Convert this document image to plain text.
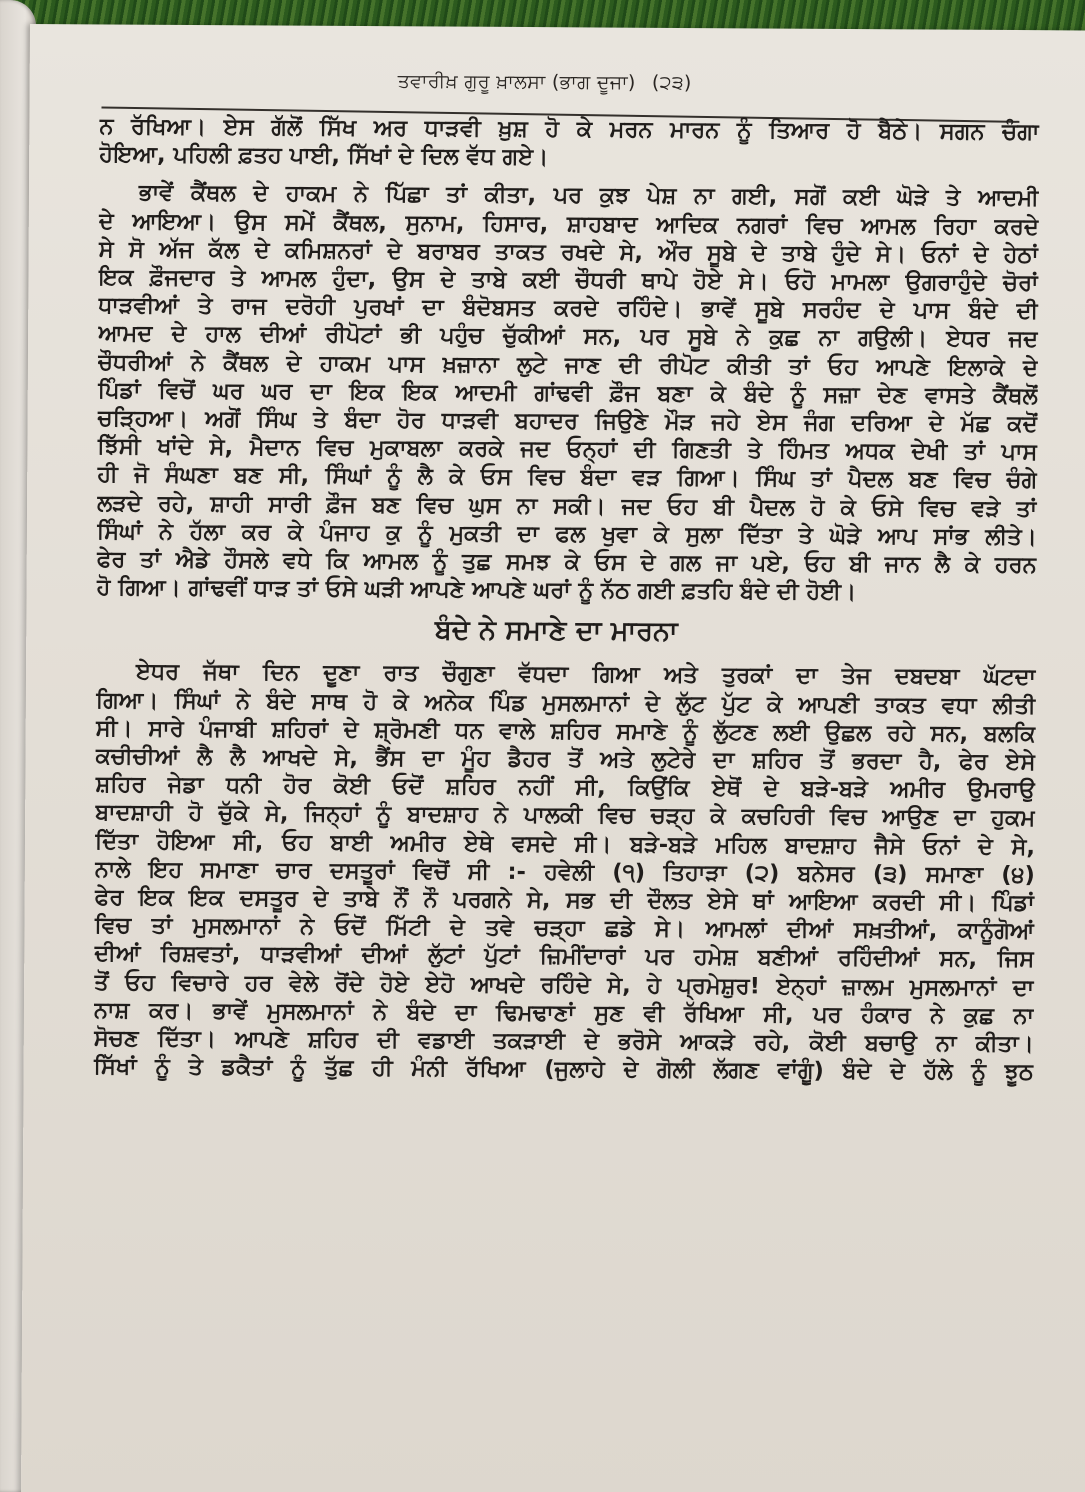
ਤਵਾਰੀਖ਼ ਗੁਰੂ ਖ਼ਾਲਸਾ (ਭਾਗ ਦੂਜਾ) (੨੩)
ਨ ਰੱਖਿਆ। ਏਸ ਗੱਲੋਂ ਸਿੱਖ ਅਰ ਧਾੜਵੀ ਖ਼ੁਸ਼ ਹੋ ਕੇ ਮਰਨ ਮਾਰਨ ਨੂੰ ਤਿਆਰ ਹੋ ਬੈਠੇ। ਸਗਨ ਚੰਗਾ
ਹੋਇਆ, ਪਹਿਲੀ ਫ਼ਤਹ ਪਾਈ, ਸਿੱਖਾਂ ਦੇ ਦਿਲ ਵੱਧ ਗਏ।
ਭਾਵੇਂ ਕੈਂਥਲ ਦੇ ਹਾਕਮ ਨੇ ਪਿੱਛਾ ਤਾਂ ਕੀਤਾ, ਪਰ ਕੁਝ ਪੇਸ਼ ਨਾ ਗਈ, ਸਗੋਂ ਕਈ ਘੋੜੇ ਤੇ ਆਦਮੀ
ਦੇ ਆਇਆ। ਉਸ ਸਮੇਂ ਕੈਂਥਲ, ਸੁਨਾਮ, ਹਿਸਾਰ, ਸ਼ਾਹਬਾਦ ਆਦਿਕ ਨਗਰਾਂ ਵਿਚ ਆਮਲ ਰਿਹਾ ਕਰਦੇ
ਸੇ ਸੋ ਅੱਜ ਕੱਲ ਦੇ ਕਮਿਸ਼ਨਰਾਂ ਦੇ ਬਰਾਬਰ ਤਾਕਤ ਰਖਦੇ ਸੇ, ਔਰ ਸੂਬੇ ਦੇ ਤਾਬੇ ਹੁੰਦੇ ਸੇ। ਓਨਾਂ ਦੇ ਹੇਠਾਂ
ਇਕ ਫ਼ੌਜਦਾਰ ਤੇ ਆਮਲ ਹੁੰਦਾ, ਉਸ ਦੇ ਤਾਬੇ ਕਈ ਚੌਧਰੀ ਥਾਪੇ ਹੋਏ ਸੇ। ਓਹੋ ਮਾਮਲਾ ਉਗਰਾਹੁੰਦੇ ਚੋਰਾਂ
ਧਾੜਵੀਆਂ ਤੇ ਰਾਜ ਦਰੋਹੀ ਪੁਰਖਾਂ ਦਾ ਬੰਦੋਬਸਤ ਕਰਦੇ ਰਹਿੰਦੇ। ਭਾਵੇਂ ਸੂਬੇ ਸਰਹੰਦ ਦੇ ਪਾਸ ਬੰਦੇ ਦੀ
ਆਮਦ ਦੇ ਹਾਲ ਦੀਆਂ ਰੀਪੋਟਾਂ ਭੀ ਪਹੁੰਚ ਚੁੱਕੀਆਂ ਸਨ, ਪਰ ਸੂਬੇ ਨੇ ਕੁਛ ਨਾ ਗਉਲੀ। ਏਧਰ ਜਦ
ਚੌਧਰੀਆਂ ਨੇ ਕੈਂਥਲ ਦੇ ਹਾਕਮ ਪਾਸ ਖ਼ਜ਼ਾਨਾ ਲੁਟੇ ਜਾਣ ਦੀ ਰੀਪੋਟ ਕੀਤੀ ਤਾਂ ਓਹ ਆਪਣੇ ਇਲਾਕੇ ਦੇ
ਪਿੰਡਾਂ ਵਿਚੋਂ ਘਰ ਘਰ ਦਾ ਇਕ ਇਕ ਆਦਮੀ ਗਾਂਢਵੀ ਫ਼ੌਜ ਬਣਾ ਕੇ ਬੰਦੇ ਨੂੰ ਸਜ਼ਾ ਦੇਣ ਵਾਸਤੇ ਕੈਂਥਲੋਂ
ਚੜ੍ਹਿਆ। ਅਗੋਂ ਸਿੰਘ ਤੇ ਬੰਦਾ ਹੋਰ ਧਾੜਵੀ ਬਹਾਦਰ ਜਿਉਣੇ ਮੌੜ ਜਹੇ ਏਸ ਜੰਗ ਦਰਿਆ ਦੇ ਮੱਛ ਕਦੋਂ
ਝਿੱਸੀ ਖਾਂਦੇ ਸੇ, ਮੈਦਾਨ ਵਿਚ ਮੁਕਾਬਲਾ ਕਰਕੇ ਜਦ ਓਨ੍ਹਾਂ ਦੀ ਗਿਣਤੀ ਤੇ ਹਿੰਮਤ ਅਧਕ ਦੇਖੀ ਤਾਂ ਪਾਸ
ਹੀ ਜੋ ਸੰਘਣਾ ਬਣ ਸੀ, ਸਿੰਘਾਂ ਨੂੰ ਲੈ ਕੇ ਓਸ ਵਿਚ ਬੰਦਾ ਵੜ ਗਿਆ। ਸਿੰਘ ਤਾਂ ਪੈਦਲ ਬਣ ਵਿਚ ਚੰਗੇ
ਲੜਦੇ ਰਹੇ, ਸ਼ਾਹੀ ਸਾਰੀ ਫ਼ੌਜ ਬਣ ਵਿਚ ਘੁਸ ਨਾ ਸਕੀ। ਜਦ ਓਹ ਬੀ ਪੈਦਲ ਹੋ ਕੇ ਓਸੇ ਵਿਚ ਵੜੇ ਤਾਂ
ਸਿੰਘਾਂ ਨੇ ਹੱਲਾ ਕਰ ਕੇ ਪੰਜਾਹ ਕੁ ਨੂੰ ਮੁਕਤੀ ਦਾ ਫਲ ਖੁਵਾ ਕੇ ਸੁਲਾ ਦਿੱਤਾ ਤੇ ਘੋੜੇ ਆਪ ਸਾਂਭ ਲੀਤੇ।
ਫੇਰ ਤਾਂ ਐਡੇ ਹੌਸਲੇ ਵਧੇ ਕਿ ਆਮਲ ਨੂੰ ਤੁਛ ਸਮਝ ਕੇ ਓਸ ਦੇ ਗਲ ਜਾ ਪਏ, ਓਹ ਬੀ ਜਾਨ ਲੈ ਕੇ ਹਰਨ
ਹੋ ਗਿਆ। ਗਾਂਢਵੀਂ ਧਾੜ ਤਾਂ ਓਸੇ ਘੜੀ ਆਪਣੇ ਆਪਣੇ ਘਰਾਂ ਨੂੰ ਨੱਠ ਗਈ ਫ਼ਤਹਿ ਬੰਦੇ ਦੀ ਹੋਈ।
ਬੰਦੇ ਨੇ ਸਮਾਣੇ ਦਾ ਮਾਰਨਾ
ਏਧਰ ਜੱਥਾ ਦਿਨ ਦੂਣਾ ਰਾਤ ਚੌਗੁਣਾ ਵੱਧਦਾ ਗਿਆ ਅਤੇ ਤੁਰਕਾਂ ਦਾ ਤੇਜ ਦਬਦਬਾ ਘੱਟਦਾ
ਗਿਆ। ਸਿੰਘਾਂ ਨੇ ਬੰਦੇ ਸਾਥ ਹੋ ਕੇ ਅਨੇਕ ਪਿੰਡ ਮੁਸਲਮਾਨਾਂ ਦੇ ਲੁੱਟ ਪੁੱਟ ਕੇ ਆਪਣੀ ਤਾਕਤ ਵਧਾ ਲੀਤੀ
ਸੀ। ਸਾਰੇ ਪੰਜਾਬੀ ਸ਼ਹਿਰਾਂ ਦੇ ਸ਼੍ਰੋਮਣੀ ਧਨ ਵਾਲੇ ਸ਼ਹਿਰ ਸਮਾਣੇ ਨੂੰ ਲੁੱਟਣ ਲਈ ਉਛਲ ਰਹੇ ਸਨ, ਬਲਕਿ
ਕਚੀਚੀਆਂ ਲੈ ਲੈ ਆਖਦੇ ਸੇ, ਭੈਂਸ ਦਾ ਮੂੰਹ ਡੈਹਰ ਤੋਂ ਅਤੇ ਲੁਟੇਰੇ ਦਾ ਸ਼ਹਿਰ ਤੋਂ ਭਰਦਾ ਹੈ, ਫੇਰ ਏਸੇ
ਸ਼ਹਿਰ ਜੇਡਾ ਧਨੀ ਹੋਰ ਕੋਈ ਓਦੋਂ ਸ਼ਹਿਰ ਨਹੀਂ ਸੀ, ਕਿਉਂਕਿ ਏਥੋਂ ਦੇ ਬੜੇ-ਬੜੇ ਅਮੀਰ ਉਮਰਾਉ
ਬਾਦਸ਼ਾਹੀ ਹੋ ਚੁੱਕੇ ਸੇ, ਜਿਨ੍ਹਾਂ ਨੂੰ ਬਾਦਸ਼ਾਹ ਨੇ ਪਾਲਕੀ ਵਿਚ ਚੜ੍ਹ ਕੇ ਕਚਹਿਰੀ ਵਿਚ ਆਉਣ ਦਾ ਹੁਕਮ
ਦਿੱਤਾ ਹੋਇਆ ਸੀ, ਓਹ ਬਾਈ ਅਮੀਰ ਏਥੇ ਵਸਦੇ ਸੀ। ਬੜੇ-ਬੜੇ ਮਹਿਲ ਬਾਦਸ਼ਾਹ ਜੈਸੇ ਓਨਾਂ ਦੇ ਸੇ,
ਨਾਲੇ ਇਹ ਸਮਾਣਾ ਚਾਰ ਦਸਤੂਰਾਂ ਵਿਚੋਂ ਸੀ :- ਹਵੇਲੀ (੧) ਤਿਹਾੜਾ (੨) ਬਨੇਸਰ (੩) ਸਮਾਣਾ (੪)
ਫੇਰ ਇਕ ਇਕ ਦਸਤੂਰ ਦੇ ਤਾਬੇ ਨੌਂ ਨੌ ਪਰਗਨੇ ਸੇ, ਸਭ ਦੀ ਦੌਲਤ ਏਸੇ ਥਾਂ ਆਇਆ ਕਰਦੀ ਸੀ। ਪਿੰਡਾਂ
ਵਿਚ ਤਾਂ ਮੁਸਲਮਾਨਾਂ ਨੇ ਓਦੋਂ ਮਿੱਟੀ ਦੇ ਤਵੇ ਚੜ੍ਹਾ ਛਡੇ ਸੇ। ਆਮਲਾਂ ਦੀਆਂ ਸਖ਼ਤੀਆਂ, ਕਾਨੂੰਗੋਆਂ
ਦੀਆਂ ਰਿਸ਼ਵਤਾਂ, ਧਾੜਵੀਆਂ ਦੀਆਂ ਲੁੱਟਾਂ ਪੁੱਟਾਂ ਜ਼ਿਮੀਂਦਾਰਾਂ ਪਰ ਹਮੇਸ਼ ਬਣੀਆਂ ਰਹਿੰਦੀਆਂ ਸਨ, ਜਿਸ
ਤੋਂ ਓਹ ਵਿਚਾਰੇ ਹਰ ਵੇਲੇ ਰੋਂਦੇ ਹੋਏ ਏਹੋ ਆਖਦੇ ਰਹਿੰਦੇ ਸੇ, ਹੇ ਪ੍ਰਮੇਸ਼ੁਰ! ਏਨ੍ਹਾਂ ਜ਼ਾਲਮ ਮੁਸਲਮਾਨਾਂ ਦਾ
ਨਾਸ਼ ਕਰ। ਭਾਵੇਂ ਮੁਸਲਮਾਨਾਂ ਨੇ ਬੰਦੇ ਦਾ ਢਿਮਢਾਣਾਂ ਸੁਣ ਵੀ ਰੱਖਿਆ ਸੀ, ਪਰ ਹੰਕਾਰ ਨੇ ਕੁਛ ਨਾ
ਸੋਚਣ ਦਿੱਤਾ। ਆਪਣੇ ਸ਼ਹਿਰ ਦੀ ਵਡਾਈ ਤਕੜਾਈ ਦੇ ਭਰੋਸੇ ਆਕੜੇ ਰਹੇ, ਕੋਈ ਬਚਾਉ ਨਾ ਕੀਤਾ।
ਸਿੱਖਾਂ ਨੂੰ ਤੇ ਡਕੈਤਾਂ ਨੂੰ ਤੁੱਛ ਹੀ ਮੰਨੀ ਰੱਖਿਆ (ਜੁਲਾਹੇ ਦੇ ਗੋਲੀ ਲੱਗਣ ਵਾਂਗੂੰ) ਬੰਦੇ ਦੇ ਹੱਲੇ ਨੂੰ ਝੂਠ
